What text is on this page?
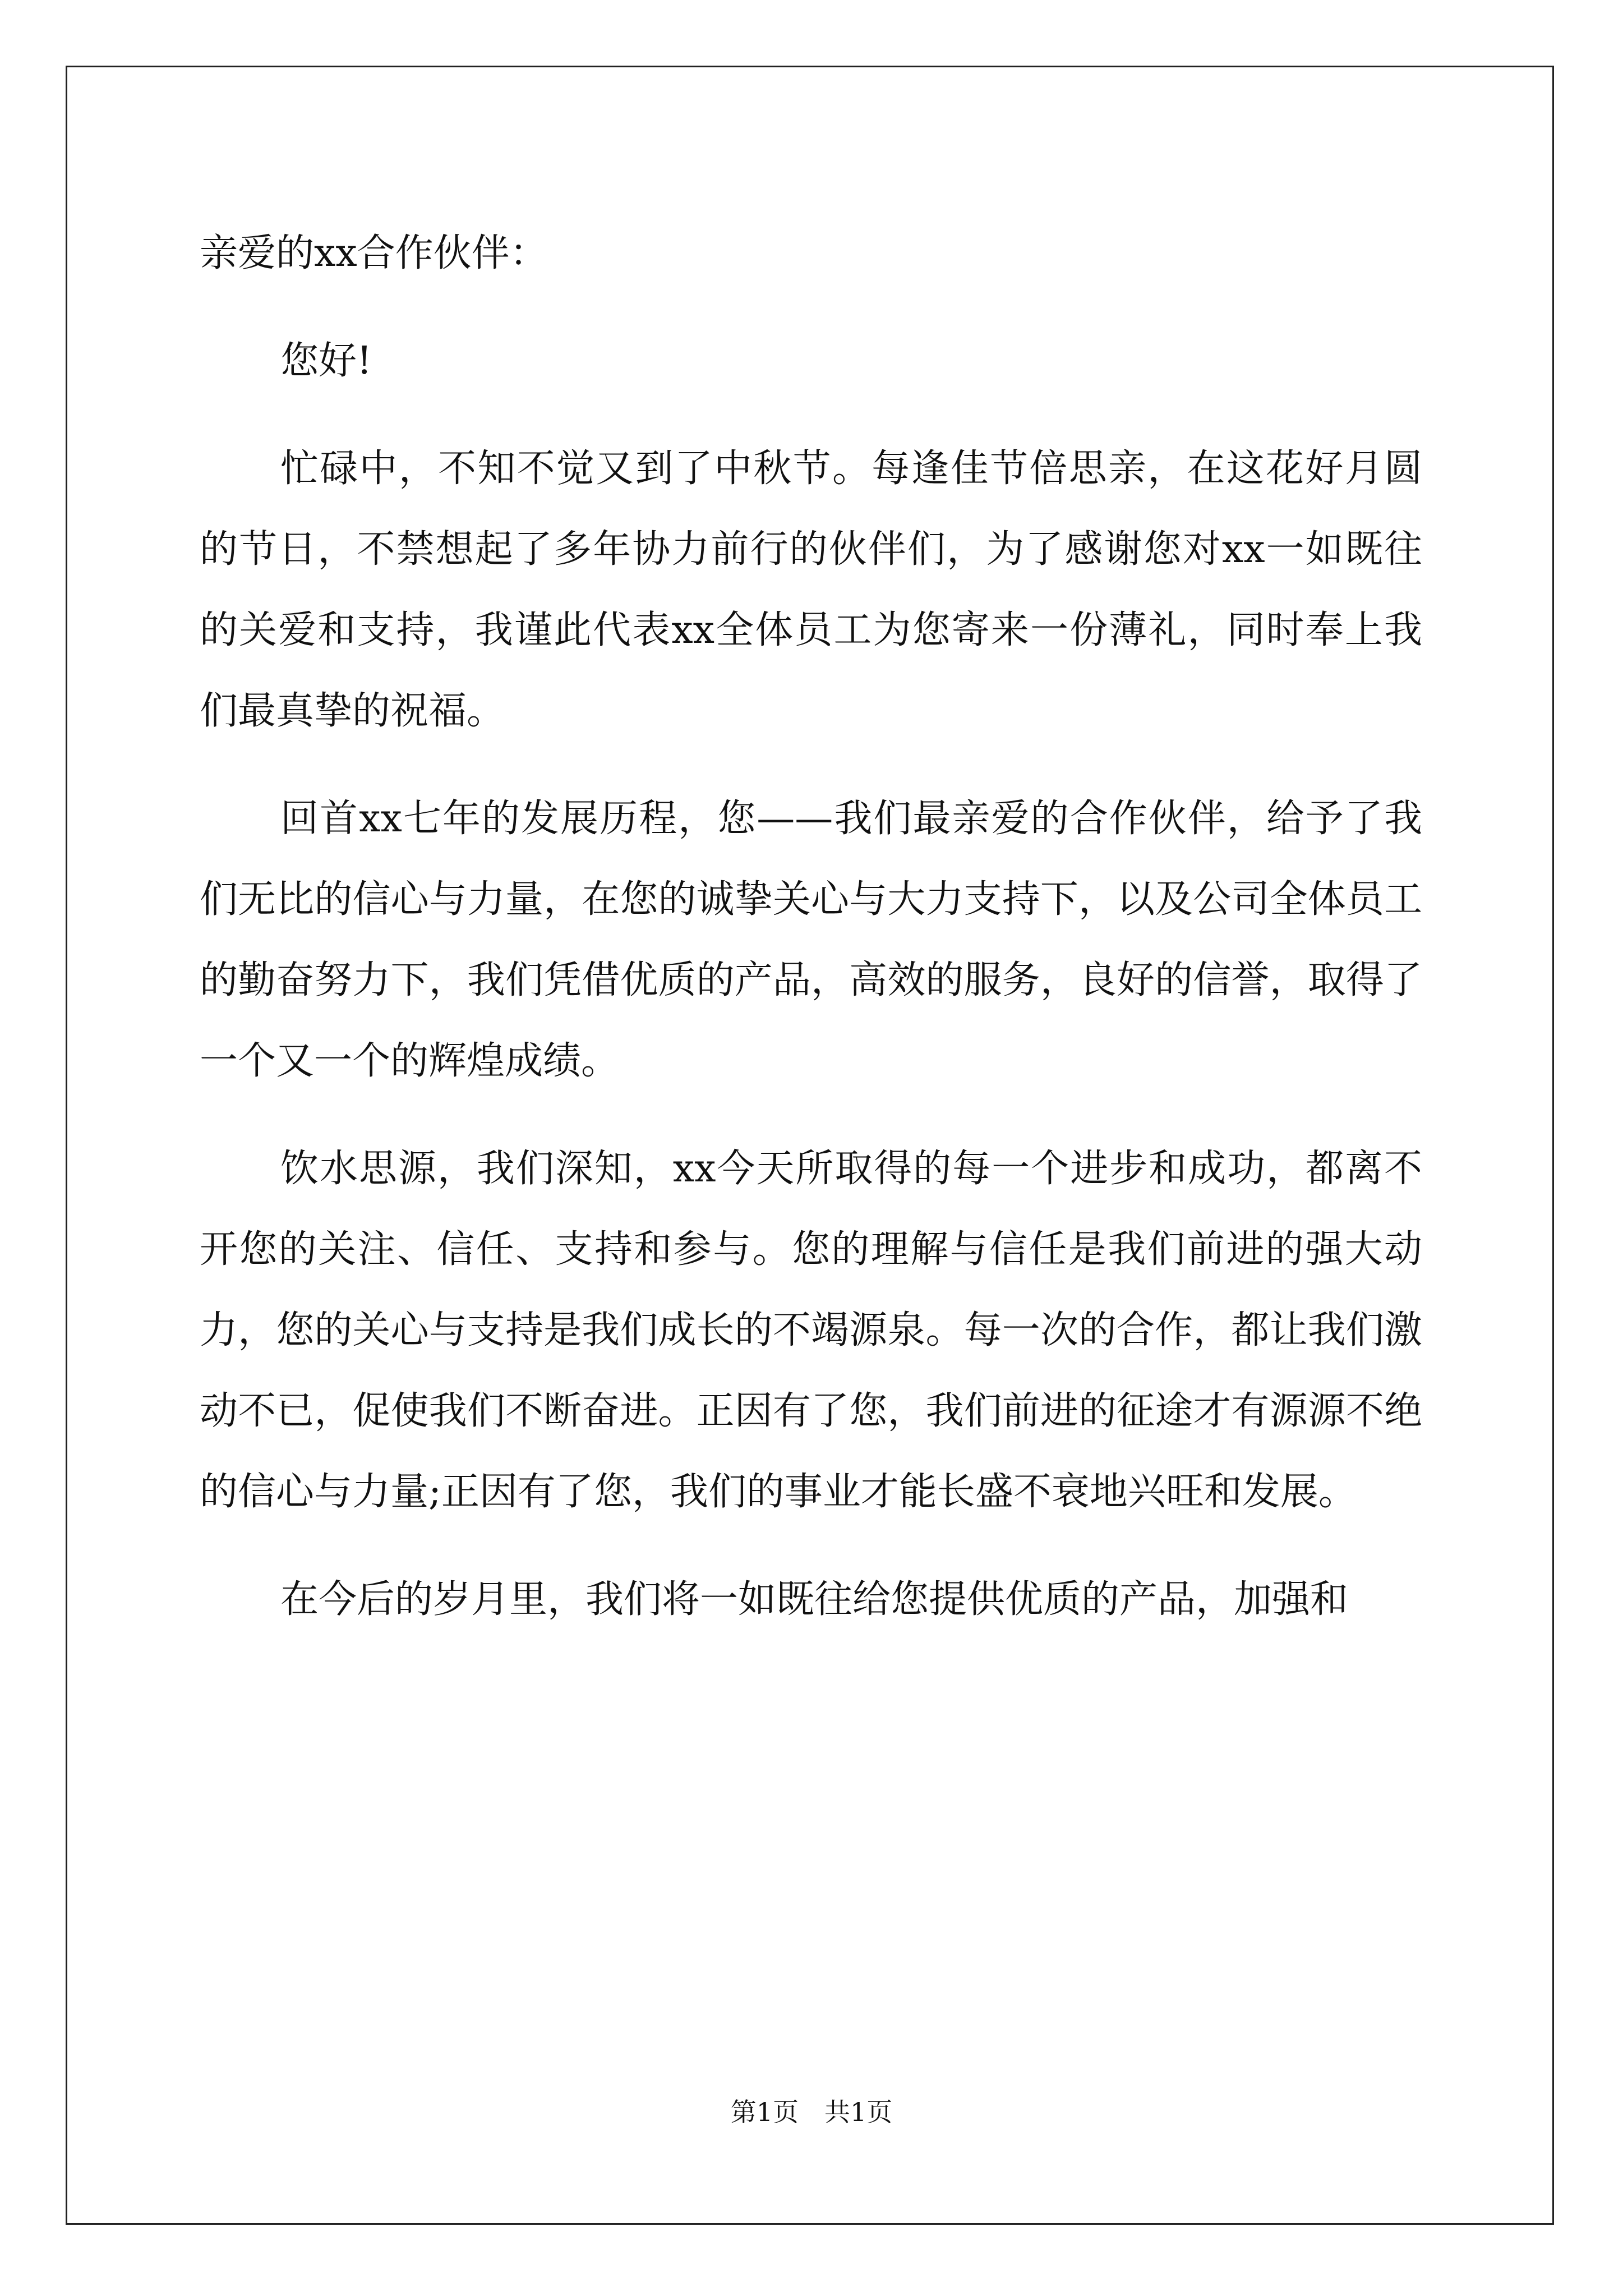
亲爱的xx合作伙伴：

您好!

忙碌中，不知不觉又到了中秋节。每逢佳节倍思亲，在这花好月圆的节日，不禁想起了多年协力前行的伙伴们，为了感谢您对xx一如既往的关爱和支持，我谨此代表xx全体员工为您寄来一份薄礼，同时奉上我们最真挚的祝福。

回首xx七年的发展历程，您——我们最亲爱的合作伙伴，给予了我们无比的信心与力量，在您的诚挚关心与大力支持下，以及公司全体员工的勤奋努力下，我们凭借优质的产品，高效的服务，良好的信誉，取得了一个又一个的辉煌成绩。

饮水思源，我们深知，xx今天所取得的每一个进步和成功，都离不开您的关注、信任、支持和参与。您的理解与信任是我们前进的强大动力，您的关心与支持是我们成长的不竭源泉。每一次的合作，都让我们激动不已，促使我们不断奋进。正因有了您，我们前进的征途才有源源不绝的信心与力量;正因有了您，我们的事业才能长盛不衰地兴旺和发展。

在今后的岁月里，我们将一如既往给您提供优质的产品，加强和

第1页　共1页
